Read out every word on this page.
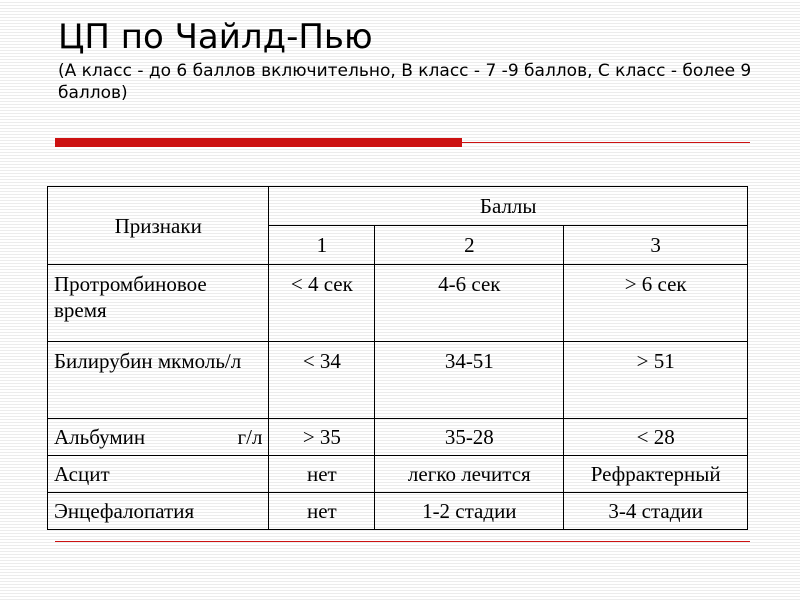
ЦП по Чайлд-Пью
(А класс - до 6 баллов включительно, В класс - 7 -9 баллов, С класс - более 9 баллов)
Признаки	Баллы		
	1	2	3
Протромбиновое время	< 4 сек	4-6 сек	> 6 сек
Билирубин мкмоль/л	< 34	34-51	> 51

Альбумин г/л	> 35	35-28	< 28
Асцит	нет	легко лечится	Рефрактерный
Энцефалопатия	нет	1-2 стадии	3-4 стадии
